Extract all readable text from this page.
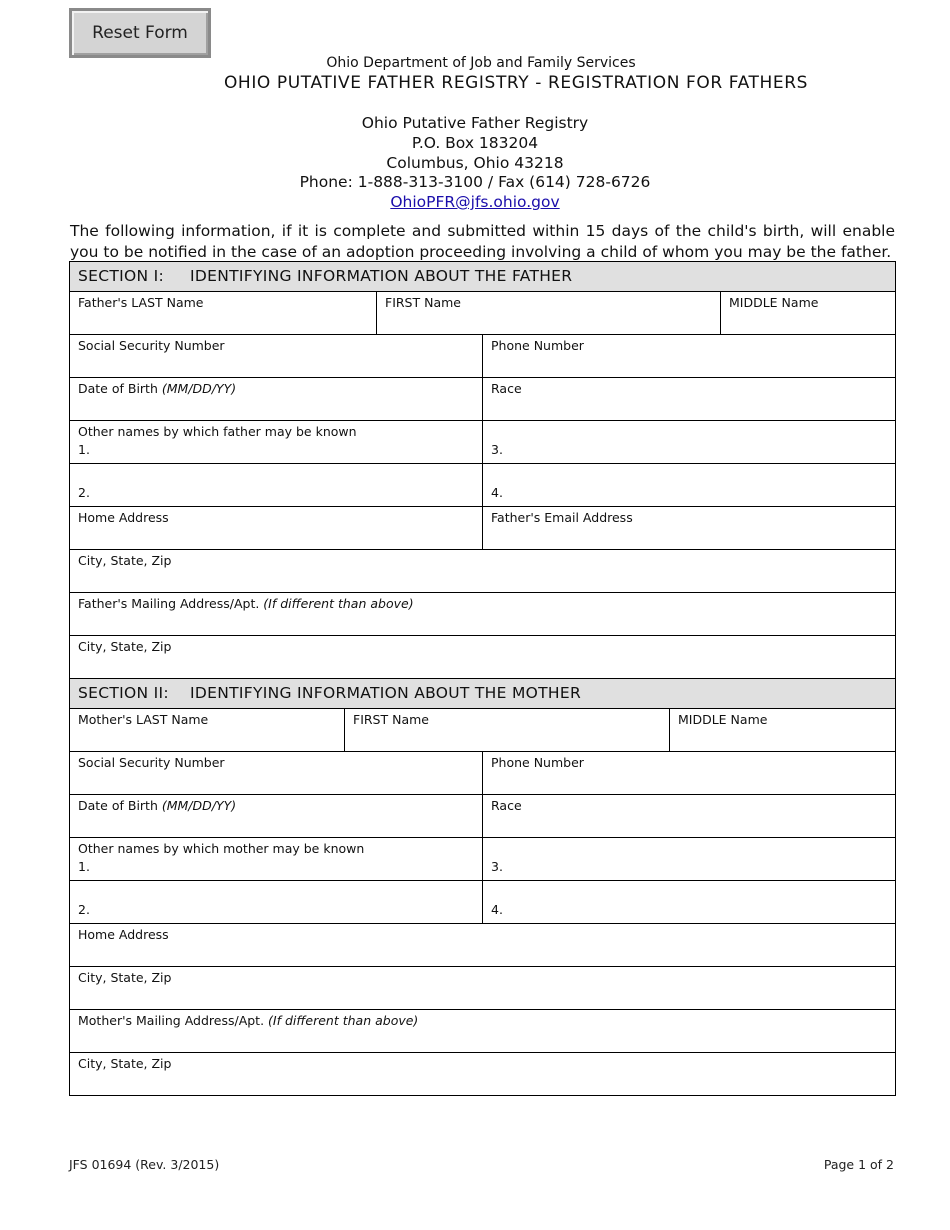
Reset Form
Ohio Department of Job and Family Services
OHIO PUTATIVE FATHER REGISTRY - REGISTRATION FOR FATHERS
Ohio Putative Father Registry
P.O. Box 183204
Columbus, Ohio 43218
Phone: 1-888-313-3100 / Fax (614) 728-6726
OhioPFR@jfs.ohio.gov
The following information, if it is complete and submitted within 15 days of the child's birth, will enable you to be notified in the case of an adoption proceeding involving a child of whom you may be the father.
SECTION I: IDENTIFYING INFORMATION ABOUT THE FATHER					
Father's LAST Name		FIRST Name			MIDDLE Name
Social Security Number			Phone Number		
Date of Birth (MM/DD/YY)			Race		

Other names by which father may be known
1.			3.		
2.			4.		
Home Address			Father's Email Address		
City, State, Zip					
Father's Mailing Address/Apt. (If different than above)					
City, State, Zip					
SECTION II: IDENTIFYING INFORMATION ABOUT THE MOTHER					
Mother's LAST Name	FIRST Name			MIDDLE Name	
Social Security Number			Phone Number		
Date of Birth (MM/DD/YY)			Race		

Other names by which mother may be known
1.			3.		
2.			4.		
Home Address					
City, State, Zip					
Mother's Mailing Address/Apt. (If different than above)					
City, State, Zip					
JFS 01694 (Rev. 3/2015)	Page 1 of 2
